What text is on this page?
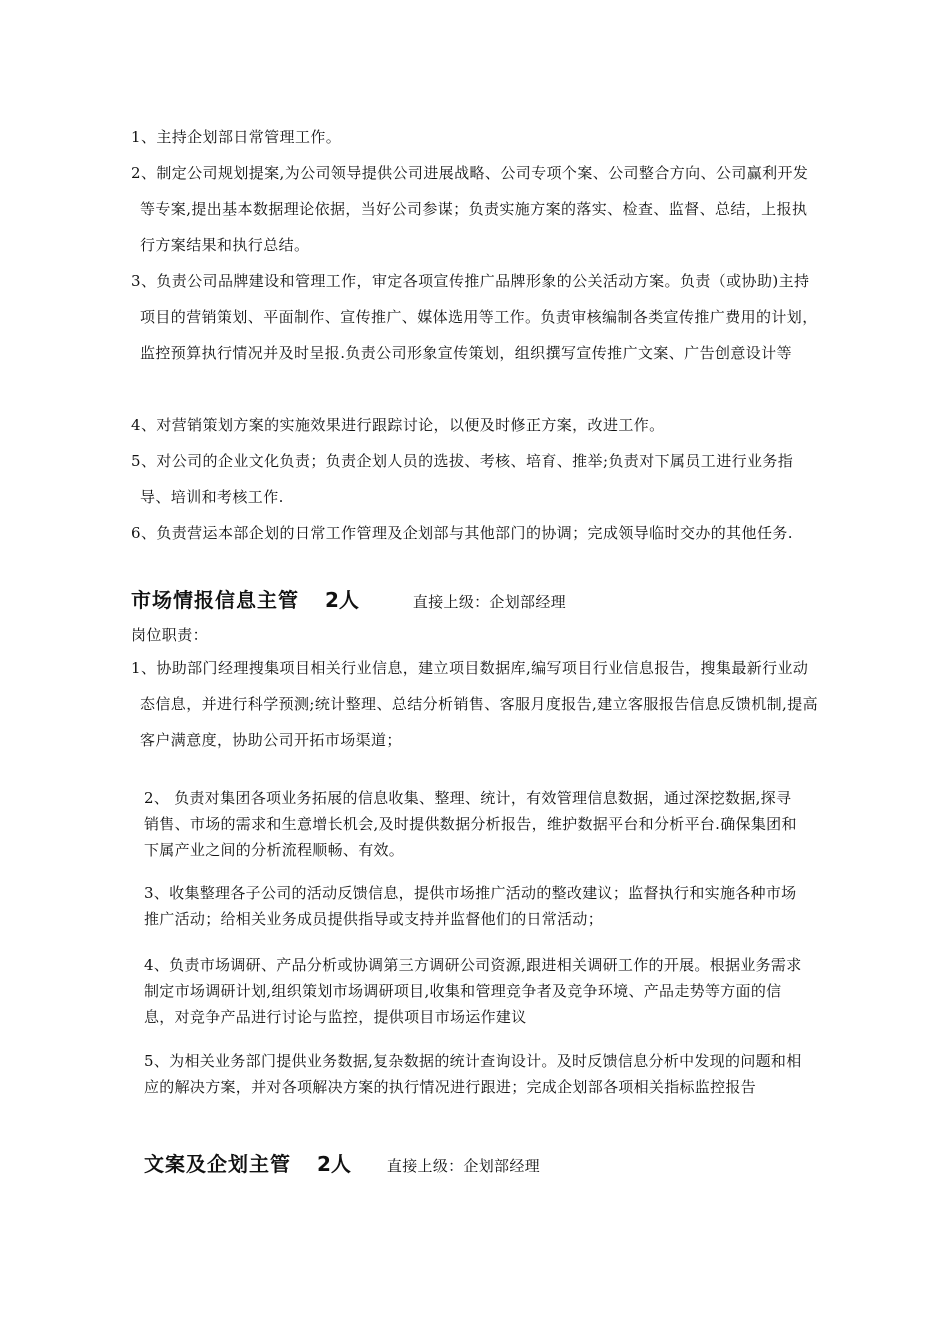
1、主持企划部日常管理工作。

2、制定公司规划提案,为公司领导提供公司进展战略、公司专项个案、公司整合方向、公司赢利开发等专案,提出基本数据理论依据，当好公司参谋；负责实施方案的落实、检查、监督、总结，上报执行方案结果和执行总结。

3、负责公司品牌建设和管理工作，审定各项宣传推广品牌形象的公关活动方案。负责（或协助)主持项目的营销策划、平面制作、宣传推广、媒体选用等工作。负责审核编制各类宣传推广费用的计划，监控预算执行情况并及时呈报.负责公司形象宣传策划，组织撰写宣传推广文案、广告创意设计等

4、对营销策划方案的实施效果进行跟踪讨论，以便及时修正方案，改进工作。

5、对公司的企业文化负责；负责企划人员的选拔、考核、培育、推举;负责对下属员工进行业务指导、培训和考核工作.

6、负责营运本部企划的日常工作管理及企划部与其他部门的协调；完成领导临时交办的其他任务.

市场情报信息主管 2人	直接上级：企划部经理

岗位职责：

1、协助部门经理搜集项目相关行业信息，建立项目数据库,编写项目行业信息报告，搜集最新行业动态信息，并进行科学预测;统计整理、总结分析销售、客服月度报告,建立客服报告信息反馈机制,提高客户满意度，协助公司开拓市场渠道；

2、 负责对集团各项业务拓展的信息收集、整理、统计，有效管理信息数据，通过深挖数据,探寻销售、市场的需求和生意增长机会,及时提供数据分析报告，维护数据平台和分析平台.确保集团和下属产业之间的分析流程顺畅、有效。

3、收集整理各子公司的活动反馈信息，提供市场推广活动的整改建议；监督执行和实施各种市场推广活动；给相关业务成员提供指导或支持并监督他们的日常活动；

4、负责市场调研、产品分析或协调第三方调研公司资源,跟进相关调研工作的开展。根据业务需求制定市场调研计划,组织策划市场调研项目,收集和管理竞争者及竞争环境、产品走势等方面的信息，对竞争产品进行讨论与监控，提供项目市场运作建议

5、为相关业务部门提供业务数据,复杂数据的统计查询设计。及时反馈信息分析中发现的问题和相应的解决方案，并对各项解决方案的执行情况进行跟进；完成企划部各项相关指标监控报告

文案及企划主管 2人 直接上级：企划部经理
